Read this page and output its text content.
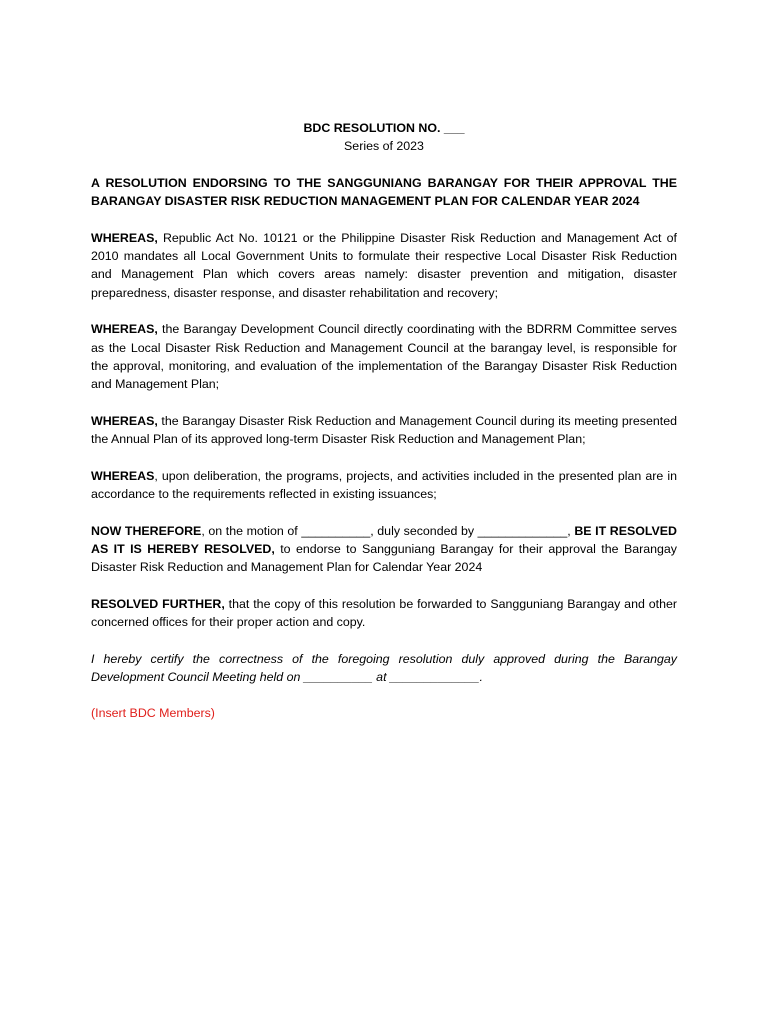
BDC RESOLUTION NO. ___
Series of 2023

A RESOLUTION ENDORSING TO THE SANGGUNIANG BARANGAY FOR THEIR APPROVAL THE BARANGAY DISASTER RISK REDUCTION MANAGEMENT PLAN FOR CALENDAR YEAR 2024

WHEREAS, Republic Act No. 10121 or the Philippine Disaster Risk Reduction and Management Act of 2010 mandates all Local Government Units to formulate their respective Local Disaster Risk Reduction and Management Plan which covers areas namely: disaster prevention and mitigation, disaster preparedness, disaster response, and disaster rehabilitation and recovery;

WHEREAS, the Barangay Development Council directly coordinating with the BDRRM Committee serves as the Local Disaster Risk Reduction and Management Council at the barangay level, is responsible for the approval, monitoring, and evaluation of the implementation of the Barangay Disaster Risk Reduction and Management Plan;

WHEREAS, the Barangay Disaster Risk Reduction and Management Council during its meeting presented the Annual Plan of its approved long-term Disaster Risk Reduction and Management Plan;

WHEREAS, upon deliberation, the programs, projects, and activities included in the presented plan are in accordance to the requirements reflected in existing issuances;

NOW THEREFORE, on the motion of __________, duly seconded by _____________, BE IT RESOLVED AS IT IS HEREBY RESOLVED, to endorse to Sangguniang Barangay for their approval the Barangay Disaster Risk Reduction and Management Plan for Calendar Year 2024

RESOLVED FURTHER, that the copy of this resolution be forwarded to Sangguniang Barangay and other concerned offices for their proper action and copy.

I hereby certify the correctness of the foregoing resolution duly approved during the Barangay Development Council Meeting held on __________ at _____________.

(Insert BDC Members)
